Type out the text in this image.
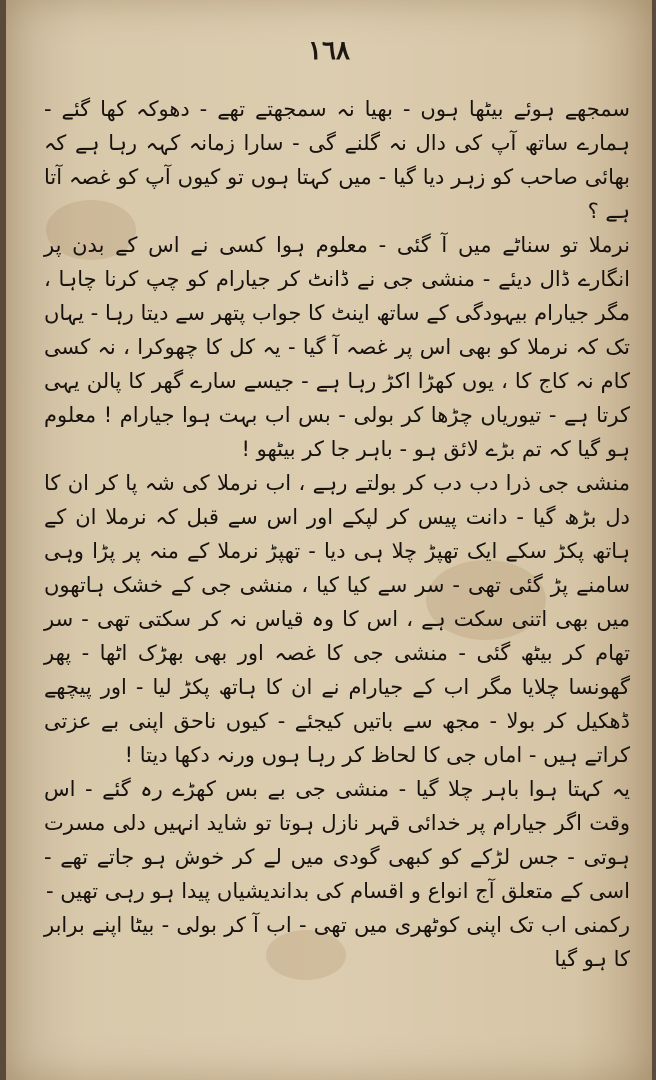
١٦٨

سمجھے ہوئے بیٹھا ہوں - بھیا نہ سمجھتے تھے - دھوکہ کھا گئے - ہمارے ساتھ آپ کی دال نہ گلنے گی - سارا زمانہ کہہ رہا ہے کہ بھائی صاحب کو زہر دیا گیا - میں کہتا ہوں تو کیوں آپ کو غصہ آتا ہے ؟

نرملا تو سناٹے میں آ گئی - معلوم ہوا کسی نے اس کے بدن پر انگارے ڈال دیئے - منشی جی نے ڈانٹ کر جیارام کو چپ کرنا چاہا ، مگر جیارام بیہودگی کے ساتھ اینٹ کا جواب پتھر سے دیتا رہا - یہاں تک کہ نرملا کو بھی اس پر غصہ آ گیا - یہ کل کا چھوکرا ، نہ کسی کام نہ کاج کا ، یوں کھڑا اکڑ رہا ہے - جیسے سارے گھر کا پالن یہی کرتا ہے - تیوریاں چڑھا کر بولی - بس اب بہت ہوا جیارام ! معلوم ہو گیا کہ تم بڑے لائق ہو - باہر جا کر بیٹھو !

منشی جی ذرا دب دب کر بولتے رہے ، اب نرملا کی شہ پا کر ان کا دل بڑھ گیا - دانت پیس کر لپکے اور اس سے قبل کہ نرملا ان کے ہاتھ پکڑ سکے ایک تھپڑ چلا ہی دیا - تھپڑ نرملا کے منہ پر پڑا وہی سامنے پڑ گئی تھی - سر سے کیا کیا ، منشی جی کے خشک ہاتھوں میں بھی اتنی سکت ہے ، اس کا وہ قیاس نہ کر سکتی تھی - سر تھام کر بیٹھ گئی - منشی جی کا غصہ اور بھی بھڑک اٹھا - پھر گھونسا چلایا مگر اب کے جیارام نے ان کا ہاتھ پکڑ لیا - اور پیچھے ڈھکیل کر بولا - مجھ سے باتیں کیجئے - کیوں ناحق اپنی بے عزتی کراتے ہیں - اماں جی کا لحاظ کر رہا ہوں ورنہ دکھا دیتا !

یہ کہتا ہوا باہر چلا گیا - منشی جی بے بس کھڑے رہ گئے - اس وقت اگر جیارام پر خدائی قہر نازل ہوتا تو شاید انہیں دلی مسرت ہوتی - جس لڑکے کو کبھی گودی میں لے کر خوش ہو جاتے تھے - اسی کے متعلق آج انواع و اقسام کی بداندیشیاں پیدا ہو رہی تھیں -

رکمنی اب تک اپنی کوٹھری میں تھی - اب آ کر بولی - بیٹا اپنے برابر کا ہو گیا
